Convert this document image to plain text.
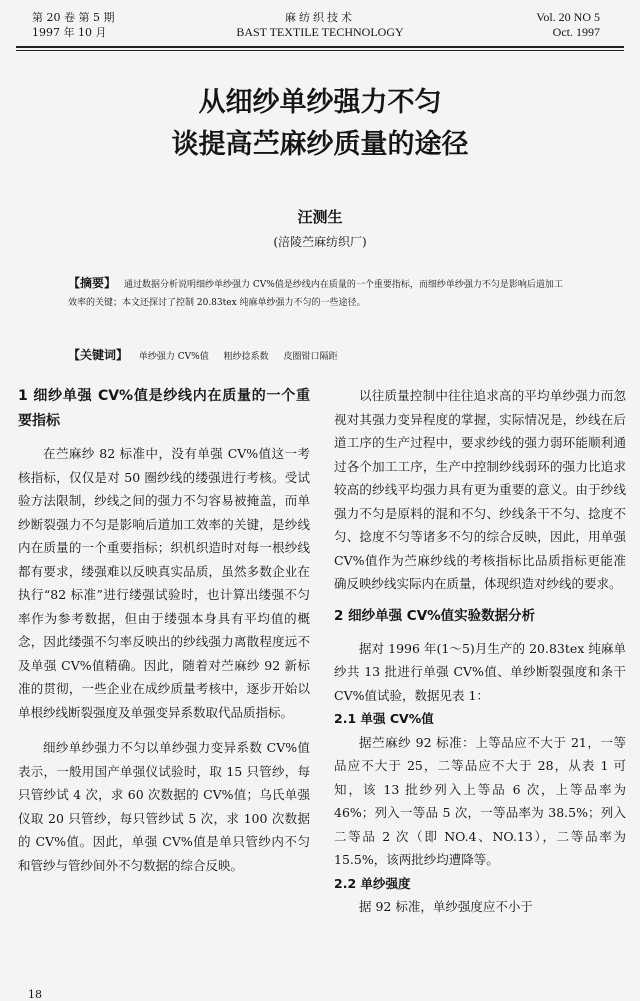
第 20 卷 第 5 期
1997 年 10 月
麻纺织技术
BAST TEXTILE TECHNOLOGY
Vol. 20 NO 5
Oct. 1997
从细纱单纱强力不匀
谈提高苎麻纱质量的途径
汪测生
(涪陵苎麻纺织厂)
【摘要】 通过数据分析说明细纱单纱强力 CV%值是纱线内在质量的一个重要指标，而细纱单纱强力不匀是影响后道加工效率的关键；本文还探讨了控制 20.83tex 纯麻单纱强力不匀的一些途径。
【关键词】 单纱强力 CV%值 粗纱捻系数 皮圈钳口隔距
1 细纱单强 CV%值是纱线内在质量的一个重要指标

在苎麻纱 82 标准中，没有单强 CV%值这一考核指标，仅仅是对 50 圈纱线的缕强进行考核。受试验方法限制，纱线之间的强力不匀容易被掩盖，而单纱断裂强力不匀是影响后道加工效率的关键，是纱线内在质量的一个重要指标；织机织造时对每一根纱线都有要求，缕强难以反映真实品质，虽然多数企业在执行“82 标准”进行缕强试验时，也计算出缕强不匀率作为参考数据，但由于缕强本身具有平均值的概念，因此缕强不匀率反映出的纱线强力离散程度远不及单强 CV%值精确。因此，随着对苎麻纱 92 新标准的贯彻，一些企业在成纱质量考核中，逐步开始以单根纱线断裂强度及单强变异系数取代品质指标。

细纱单纱强力不匀以单纱强力变异系数 CV%值表示，一般用国产单强仪试验时，取 15 只管纱，每只管纱试 4 次，求 60 次数据的 CV%值；乌氏单强仪取 20 只管纱，每只管纱试 5 次，求 100 次数据的 CV%值。因此，单强 CV%值是单只管纱内不匀和管纱与管纱间外不匀数据的综合反映。

以往质量控制中往往追求高的平均单纱强力而忽视对其强力变异程度的掌握，实际情况是，纱线在后道工序的生产过程中，要求纱线的强力弱环能顺利通过各个加工工序，生产中控制纱线弱环的强力比追求较高的纱线平均强力具有更为重要的意义。由于纱线强力不匀是原料的混和不匀、纱线条干不匀、捻度不匀、捻度不匀等诸多不匀的综合反映，因此，用单强 CV%值作为苎麻纱线的考核指标比品质指标更能准确反映纱线实际内在质量，体现织造对纱线的要求。

2 细纱单强 CV%值实验数据分析

据对 1996 年(1～5)月生产的 20.83tex 纯麻单纱共 13 批进行单强 CV%值、单纱断裂强度和条干 CV%值试验，数据见表 1：

2.1 单强 CV%值

据苎麻纱 92 标准：上等品应不大于 21，一等品应不大于 25，二等品应不大于 28，从表 1 可知，该 13 批纱列入上等品 6 次，上等品率为 46%；列入一等品 5 次，一等品率为 38.5%；列入二等品 2 次（即 NO.4、NO.13），二等品率为 15.5%，该两批纱均遭降等。

2.2 单纱强度

据 92 标准，单纱强度应不小于

18
